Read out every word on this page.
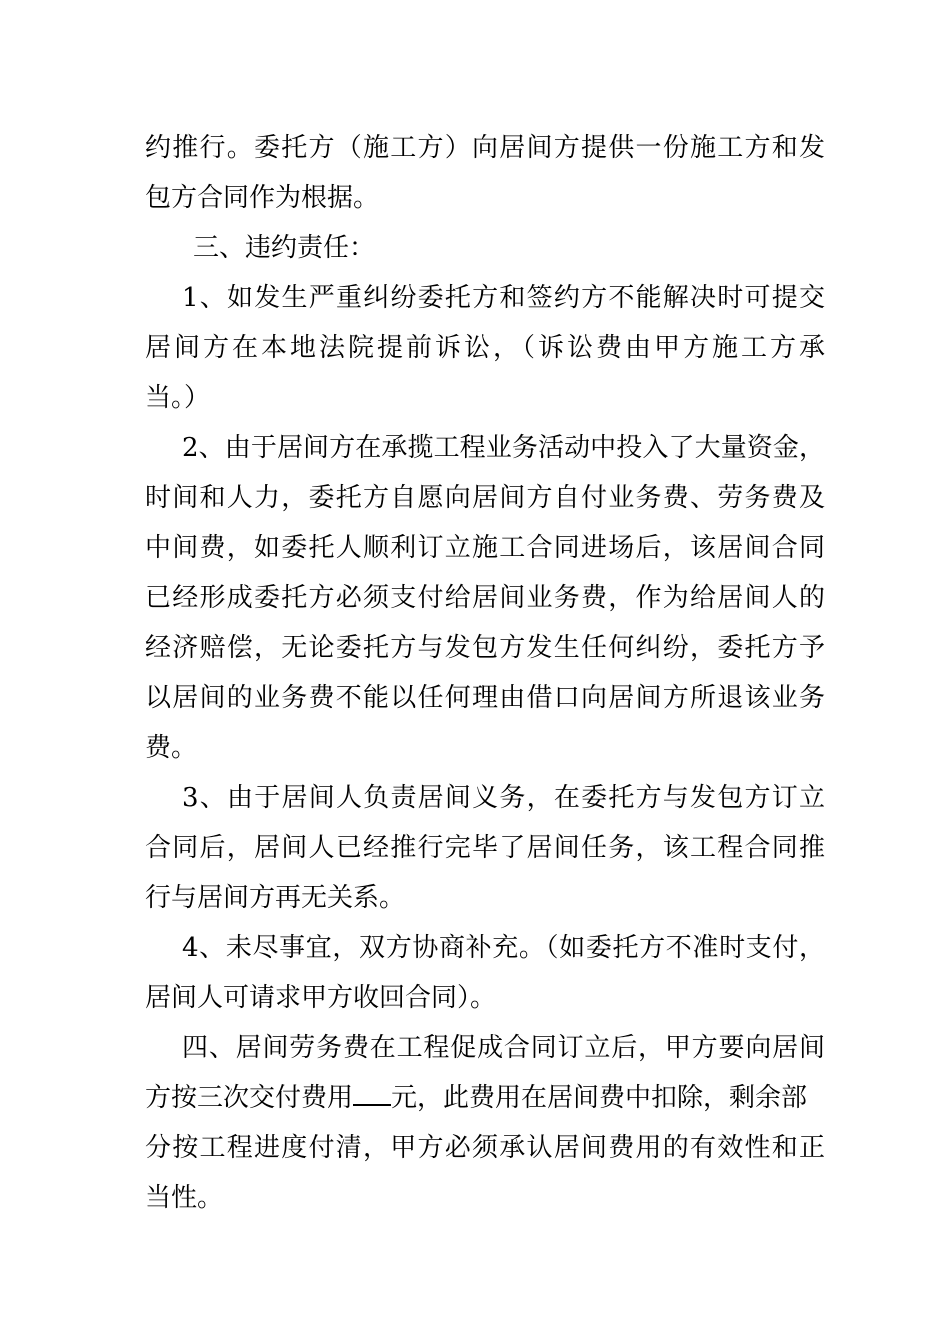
约推行。委托方（施工方）向居间方提供一份施工方和发
包方合同作为根据。
三、违约责任：
1、如发生严重纠纷委托方和签约方不能解决时可提交
居间方在本地法院提前诉讼，（诉讼费由甲方施工方承
当。）
2、由于居间方在承揽工程业务活动中投入了大量资金，
时间和人力，委托方自愿向居间方自付业务费、劳务费及
中间费，如委托人顺利订立施工合同进场后，该居间合同
已经形成委托方必须支付给居间业务费，作为给居间人的
经济赔偿，无论委托方与发包方发生任何纠纷，委托方予
以居间的业务费不能以任何理由借口向居间方所退该业务
费。
3、由于居间人负责居间义务，在委托方与发包方订立
合同后，居间人已经推行完毕了居间任务，该工程合同推
行与居间方再无关系。
4、未尽事宜，双方协商补充。（如委托方不准时支付，
居间人可请求甲方收回合同）。
四、居间劳务费在工程促成合同订立后，甲方要向居间
方按三次交付费用 元，此费用在居间费中扣除，剩余部
分按工程进度付清，甲方必须承认居间费用的有效性和正
当性。
